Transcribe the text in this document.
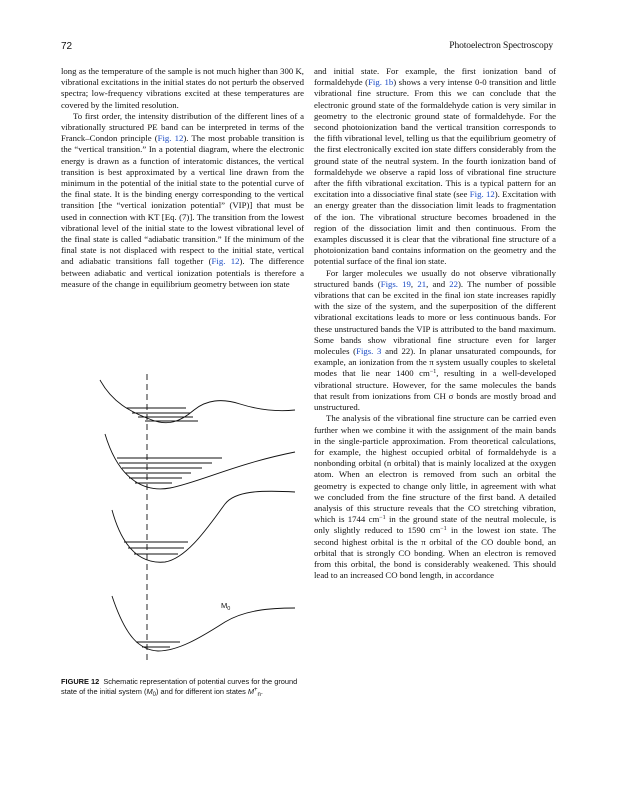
72	Photoelectron Spectroscopy

long as the temperature of the sample is not much higher than 300 K, vibrational excitations in the initial states do not perturb the observed spectra; low-frequency vibrations excited at these temperatures are covered by the limited resolution.

To first order, the intensity distribution of the different lines of a vibrationally structured PE band can be interpreted in terms of the Franck–Condon principle (Fig. 12). The most probable transition is the “vertical transition.” In a potential diagram, where the electronic energy is drawn as a function of interatomic distances, the vertical transition is best approximated by a vertical line drawn from the minimum in the potential of the initial state to the potential curve of the final state. It is the binding energy corresponding to the vertical transition [the “vertical ionization potential” (VIP)] that must be used in connection with KT [Eq. (7)]. The transition from the lowest vibrational level of the initial state to the lowest vibrational level of the final state is called “adiabatic transition.” If the minimum of the final state is not displaced with respect to the initial state, vertical and adiabatic transitions fall together (Fig. 12). The difference between adiabatic and vertical ionization potentials is therefore a measure of the change in equilibrium geometry between ion state

and initial state. For example, the first ionization band of formaldehyde (Fig. 1b) shows a very intense 0-0 transition and little vibrational fine structure. From this we can conclude that the electronic ground state of the formaldehyde cation is very similar in geometry to the electronic ground state of formaldehyde. For the second photoionization band the vertical transition corresponds to the fifth vibrational level, telling us that the equilibrium geometry of the first electronically excited ion state differs considerably from the ground state of the neutral system. In the fourth ionization band of formaldehyde we observe a rapid loss of vibrational fine structure after the fifth vibrational excitation. This is a typical pattern for an excitation into a dissociative final state (see Fig. 12). Excitation with an energy greater than the dissociation limit leads to fragmentation of the ion. The vibrational structure becomes broadened in the region of the dissociation limit and then continuous. From the examples discussed it is clear that the vibrational fine structure of a photoionization band contains information on the geometry and the potential surface of the final ion state.

For larger molecules we usually do not observe vibrationally structured bands (Figs. 19, 21, and 22). The number of possible vibrations that can be excited in the final ion state increases rapidly with the size of the system, and the superposition of the different vibrational excitations leads to more or less continuous bands. For these unstructured bands the VIP is attributed to the band maximum. Some bands show vibrational fine structure even for larger molecules (Figs. 3 and 22). In planar unsaturated compounds, for example, an ionization from the π system usually couples to skeletal modes that lie near 1400 $cm^{-1}$, resulting in a well-developed vibrational structure. However, for the same molecules the bands that result from ionizations from CH σ bonds are mostly broad and unstructured.

The analysis of the vibrational fine structure can be carried even further when we combine it with the assignment of the main bands in the single-particle approximation. From theoretical calculations, for example, the highest occupied orbital of formaldehyde is a nonbonding orbital (n orbital) that is mainly localized at the oxygen atom. When an electron is removed from such an orbital the geometry is expected to change only little, in agreement with what we concluded from the fine structure of the first band. A detailed analysis of this structure reveals that the CO stretching vibration, which is 1744 $cm^{-1}$ in the ground state of the neutral molecule, is only slightly reduced to 1590 $cm^{-1}$ in the lowest ion state. The second highest orbital is the π orbital of the CO double bond, an orbital that is strongly CO bonding. When an electron is removed from this orbital, the bond is considerably weakened. This should lead to an increased CO bond length, in accordance

$M_0$
FIGURE 12 Schematic representation of potential curves for the ground state of the initial system $(M_0)$ and for different ion states $M^+_n$.
